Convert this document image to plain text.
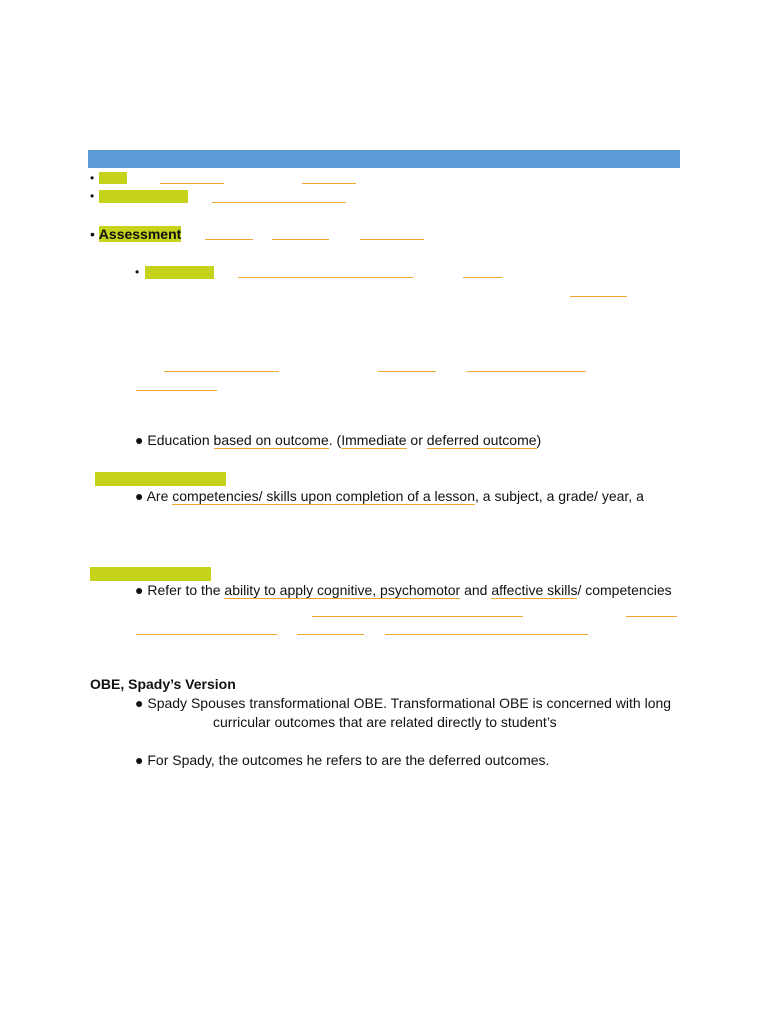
•
•
• Assessment
•
● Education based on outcome. (Immediate or deferred outcome)
● Are competencies/ skills upon completion of a lesson, a subject, a grade/ year, a
● Refer to the ability to apply cognitive, psychomotor and affective skills/ competencies
OBE, Spady’s Version
● Spady Spouses transformational OBE. Transformational OBE is concerned with long
curricular outcomes that are related directly to student’s
● For Spady, the outcomes he refers to are the deferred outcomes.
